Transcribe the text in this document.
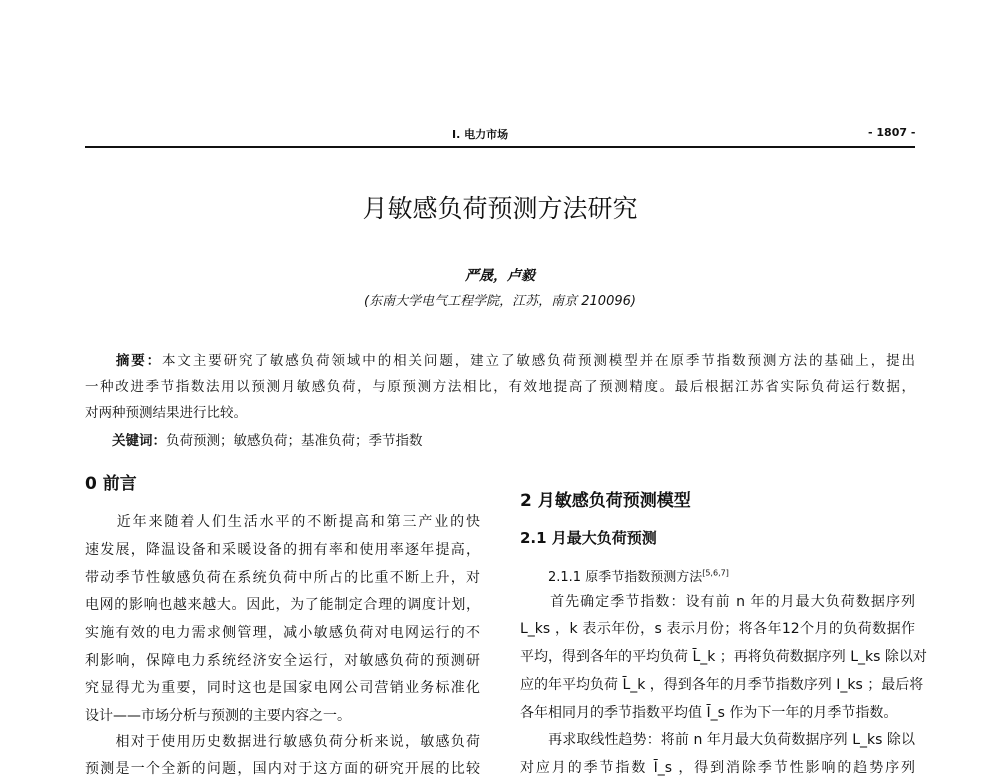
I. 电力市场	- 1807 -
月敏感负荷预测方法研究
严晟，卢毅
(东南大学电气工程学院，江苏，南京 210096)
　　摘要：本文主要研究了敏感负荷领域中的相关问题，建立了敏感负荷预测模型并在原季节指数预测方法的基础上，提出
一种改进季节指数法用以预测月敏感负荷，与原预测方法相比，有效地提高了预测精度。最后根据江苏省实际负荷运行数据，
对两种预测结果进行比较。
　　关键词：负荷预测；敏感负荷；基准负荷；季节指数
0 前言
　　近年来随着人们生活水平的不断提高和第三产业的快
速发展，降温设备和采暖设备的拥有率和使用率逐年提高，
带动季节性敏感负荷在系统负荷中所占的比重不断上升，对
电网的影响也越来越大。因此，为了能制定合理的调度计划，
实施有效的电力需求侧管理，减小敏感负荷对电网运行的不
利影响，保障电力系统经济安全运行，对敏感负荷的预测研
究显得尤为重要，同时这也是国家电网公司营销业务标准化
设计——市场分析与预测的主要内容之一。
　　相对于使用历史数据进行敏感负荷分析来说，敏感负荷
预测是一个全新的问题，国内对于这方面的研究开展的比较
2 月敏感负荷预测模型
2.1 月最大负荷预测
2.1.1 原季节指数预测方法[5,6,7]
　　首先确定季节指数：设有前 n 年的月最大负荷数据序列
L_ks ，k 表示年份，s 表示月份；将各年12个月的负荷数据作
平均，得到各年的平均负荷 L̄_k ；再将负荷数据序列 L_ks 除以对
应的年平均负荷 L̄_k ，得到各年的月季节指数序列 I_ks ；最后将
各年相同月的季节指数平均值 Ī_s 作为下一年的月季节指数。
　　再求取线性趋势：将前 n 年月最大负荷数据序列 L_ks 除以
对应月的季节指数 Ī_s ，得到消除季节性影响的趋势序列
